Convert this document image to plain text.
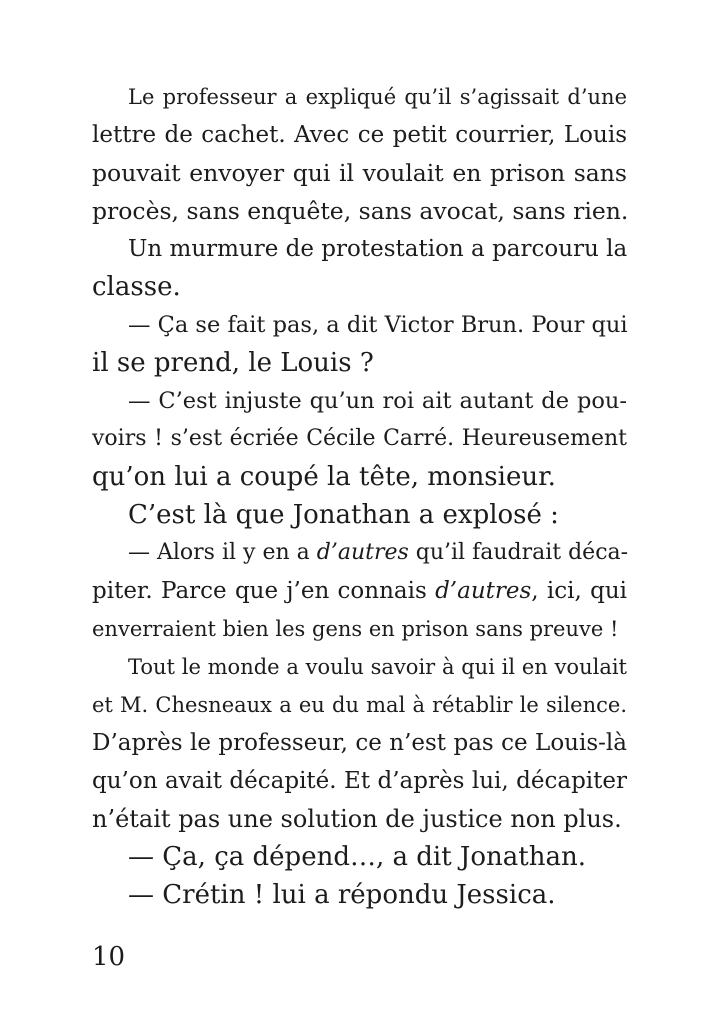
Le professeur a expliqué qu’il s’agissait d’une
lettre de cachet. Avec ce petit courrier, Louis
pouvait envoyer qui il voulait en prison sans
procès, sans enquête, sans avocat, sans rien.
Un murmure de protestation a parcouru la
classe.
— Ça se fait pas, a dit Victor Brun. Pour qui
il se prend, le Louis ?
— C’est injuste qu’un roi ait autant de pou-
voirs ! s’est écriée Cécile Carré. Heureusement
qu’on lui a coupé la tête, monsieur.
C’est là que Jonathan a explosé :
— Alors il y en a d’autres qu’il faudrait déca-
piter. Parce que j’en connais d’autres, ici, qui
enverraient bien les gens en prison sans preuve !
Tout le monde a voulu savoir à qui il en voulait
et M. Chesneaux a eu du mal à rétablir le silence.
D’après le professeur, ce n’est pas ce Louis-là
qu’on avait décapité. Et d’après lui, décapiter
n’était pas une solution de justice non plus.
— Ça, ça dépend…, a dit Jonathan.
— Crétin ! lui a répondu Jessica.
10
